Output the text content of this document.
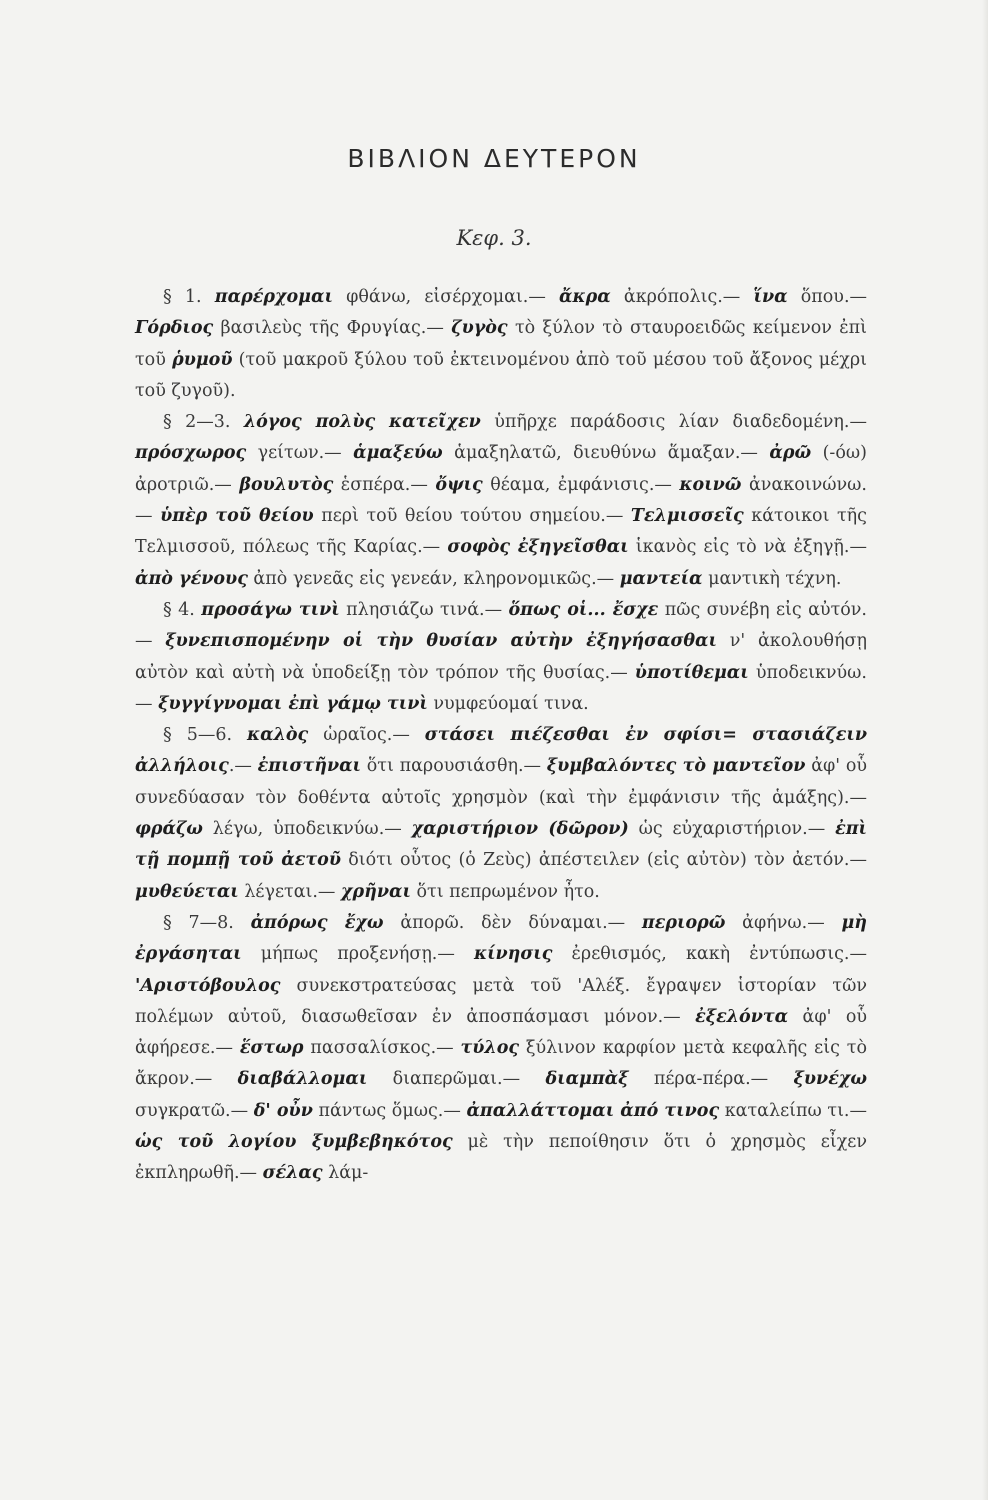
ΒΙΒΛΙΟΝ ΔΕΥΤΕΡΟΝ
Κεφ. 3.

§ 1. παρέρχομαι φθάνω, εἰσέρχομαι.— ἄκρα ἀκρόπολις.— ἵνα ὅπου.— Γόρδιος βασιλεὺς τῆς Φρυγίας.— ζυγὸς τὸ ξύλον τὸ σταυροειδῶς κείμενον ἐπὶ τοῦ ῥυμοῦ (τοῦ μακροῦ ξύλου τοῦ ἐκτεινομένου ἀπὸ τοῦ μέσου τοῦ ἄξονος μέχρι τοῦ ζυγοῦ).

§ 2—3. λόγος πολὺς κατεῖχεν ὑπῆρχε παράδοσις λίαν διαδεδομένη.— πρόσχωρος γείτων.— ἁμαξεύω ἁμαξηλατῶ, διευθύνω ἅμαξαν.— ἀρῶ (-όω) ἀροτριῶ.— βουλυτὸς ἑσπέρα.— ὄψις θέαμα, ἐμφάνισις.— κοινῶ ἀνακοινώνω.— ὑπὲρ τοῦ θείου περὶ τοῦ θείου τούτου σημείου.— Τελμισσεῖς κάτοικοι τῆς Τελμισσοῦ, πόλεως τῆς Καρίας.— σοφὸς ἐξηγεῖσθαι ἱκανὸς εἰς τὸ νὰ ἐξηγῇ.— ἀπὸ γένους ἀπὸ γενεᾶς εἰς γενεάν, κληρονομικῶς.— μαντεία μαντικὴ τέχνη.

§ 4. προσάγω τινὶ πλησιάζω τινά.— ὅπως οἱ... ἔσχε πῶς συνέβη εἰς αὐτόν.— ξυνεπισπομένην οἱ τὴν θυσίαν αὐτὴν ἐξηγήσασθαι ν' ἀκολουθήσῃ αὐτὸν καὶ αὐτὴ νὰ ὑποδείξῃ τὸν τρόπον τῆς θυσίας.— ὑποτίθεμαι ὑποδεικνύω.— ξυγγίγνομαι ἐπὶ γάμῳ τινὶ νυμφεύομαί τινα.

§ 5—6. καλὸς ὡραῖος.— στάσει πιέζεσθαι ἐν σφίσι= στασιάζειν ἀλλήλοις.— ἐπιστῆναι ὅτι παρουσιάσθη.— ξυμβαλόντες τὸ μαντεῖον ἀφ' οὗ συνεδύασαν τὸν δοθέντα αὐτοῖς χρησμὸν (καὶ τὴν ἐμφάνισιν τῆς ἁμάξης).— φράζω λέγω, ὑποδεικνύω.— χαριστήριον (δῶρον) ὡς εὐχαριστήριον.— ἐπὶ τῇ πομπῇ τοῦ ἀετοῦ διότι οὗτος (ὁ Ζεὺς) ἀπέστειλεν (εἰς αὐτὸν) τὸν ἀετόν.— μυθεύεται λέγεται.— χρῆναι ὅτι πεπρωμένον ἦτο.

§ 7—8. ἀπόρως ἔχω ἀπορῶ. δὲν δύναμαι.— περιορῶ ἀφήνω.— μὴ ἐργάσηται μήπως προξενήσῃ.— κίνησις ἐρεθισμός, κακὴ ἐντύπωσις.— 'Αριστόβουλος συνεκστρατεύσας μετὰ τοῦ 'Αλέξ. ἔγραψεν ἱστορίαν τῶν πολέμων αὐτοῦ, διασωθεῖσαν ἐν ἀποσπάσμασι μόνον.— ἐξελόντα ἀφ' οὗ ἀφήρεσε.— ἕστωρ πασσαλίσκος.— τύλος ξύλινον καρφίον μετὰ κεφαλῆς εἰς τὸ ἄκρον.— διαβάλλομαι διαπερῶμαι.— διαμπὰξ πέρα-πέρα.— ξυνέχω συγκρατῶ.— δ' οὖν πάντως ὅμως.— ἀπαλλάττομαι ἀπό τινος καταλείπω τι.— ὡς τοῦ λογίου ξυμβεβηκότος μὲ τὴν πεποίθησιν ὅτι ὁ χρησμὸς εἶχεν ἐκπληρωθῆ.— σέλας λάμ-
